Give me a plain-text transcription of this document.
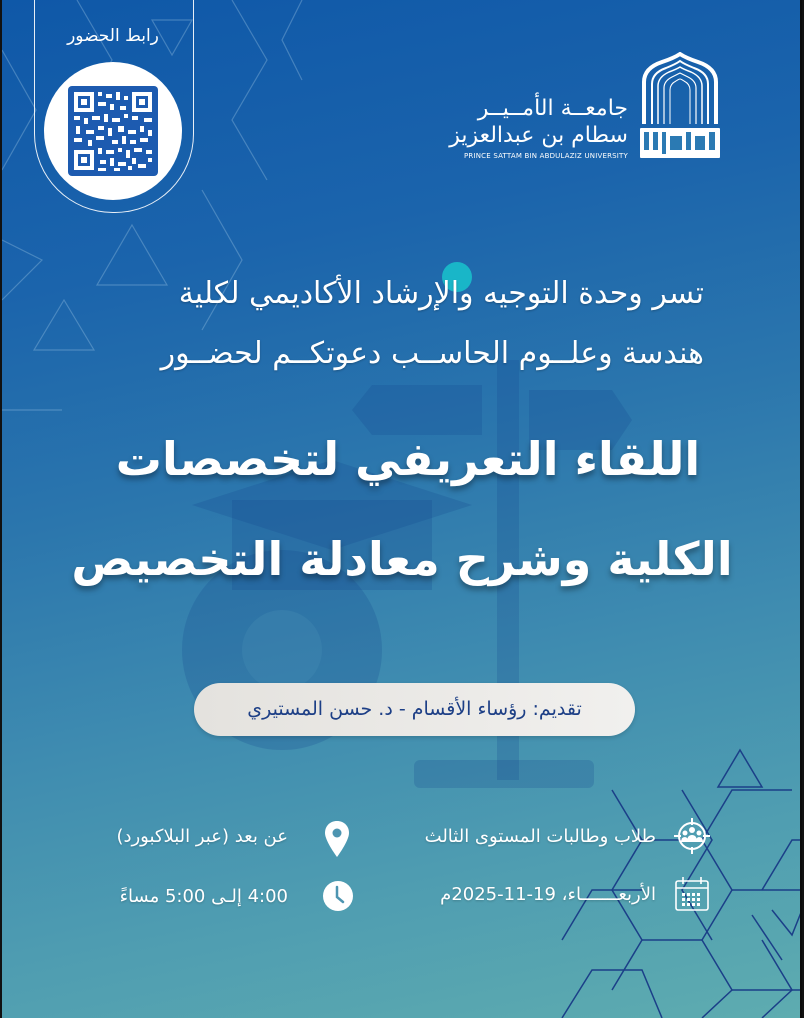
رابط الحضور
جامعــة الأمــيــر
سطام بن عبدالعزيز
PRINCE SATTAM BIN ABDULAZIZ UNIVERSITY
تسر وحدة التوجيه والإرشاد الأكاديمي لكلية
هندسة وعلــوم الحاســب دعوتكــم لحضــور
اللقاء التعريفي لتخصصات
الكلية وشرح معادلة التخصيص
تقديم: رؤساء الأقسام - د. حسن المستيري
طلاب وطالبات المستوى الثالث
عن بعد (عبر البلاكبورد)
الأربعـــــــاء، 19-11-2025م
4:00 إلـى 5:00 مساءً
